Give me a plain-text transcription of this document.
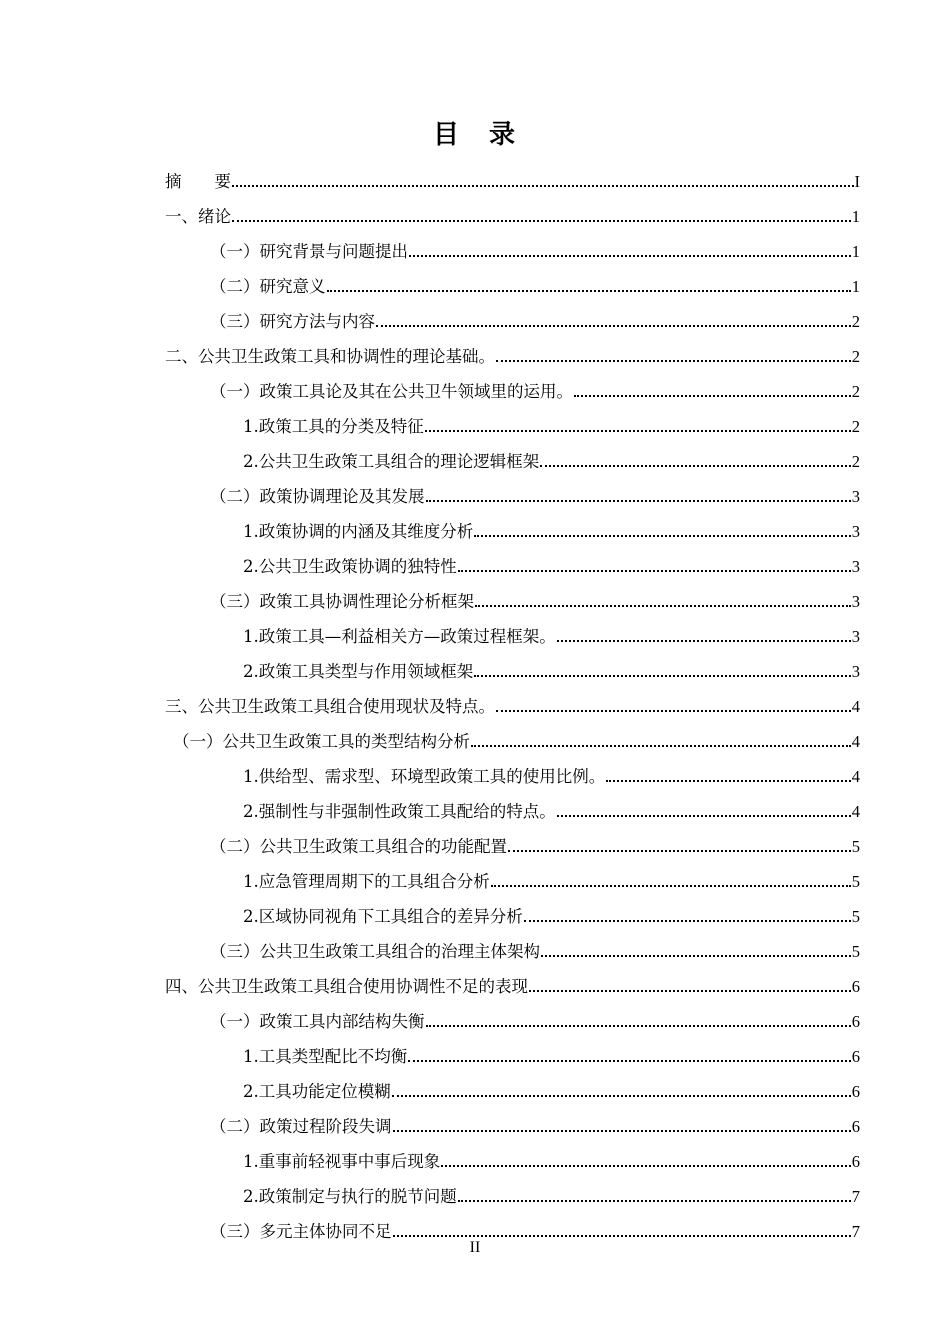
目　录
摘　　要	I
一、绪论	1
（一）研究背景与问题提出	1
（二）研究意义	1
（三）研究方法与内容	2
二、公共卫生政策工具和协调性的理论基础。	2
（一）政策工具论及其在公共卫牛领域里的运用。	2
1.政策工具的分类及特征	2
2.公共卫生政策工具组合的理论逻辑框架	2
（二）政策协调理论及其发展	3
1.政策协调的内涵及其维度分析	3
2.公共卫生政策协调的独特性	3
（三）政策工具协调性理论分析框架	3
1.政策工具—利益相关方—政策过程框架。	3
2.政策工具类型与作用领域框架	3
三、公共卫生政策工具组合使用现状及特点。	4
（一）公共卫生政策工具的类型结构分析	4
1.供给型、需求型、环境型政策工具的使用比例。	4
2.强制性与非强制性政策工具配给的特点。	4
（二）公共卫生政策工具组合的功能配置	5
1.应急管理周期下的工具组合分析	5
2.区域协同视角下工具组合的差异分析	5
（三）公共卫生政策工具组合的治理主体架构	5
四、公共卫生政策工具组合使用协调性不足的表现	6
（一）政策工具内部结构失衡	6
1.工具类型配比不均衡	6
2.工具功能定位模糊	6
（二）政策过程阶段失调	6
1.重事前轻视事中事后现象	6
2.政策制定与执行的脱节问题	7
（三）多元主体协同不足	7
II
